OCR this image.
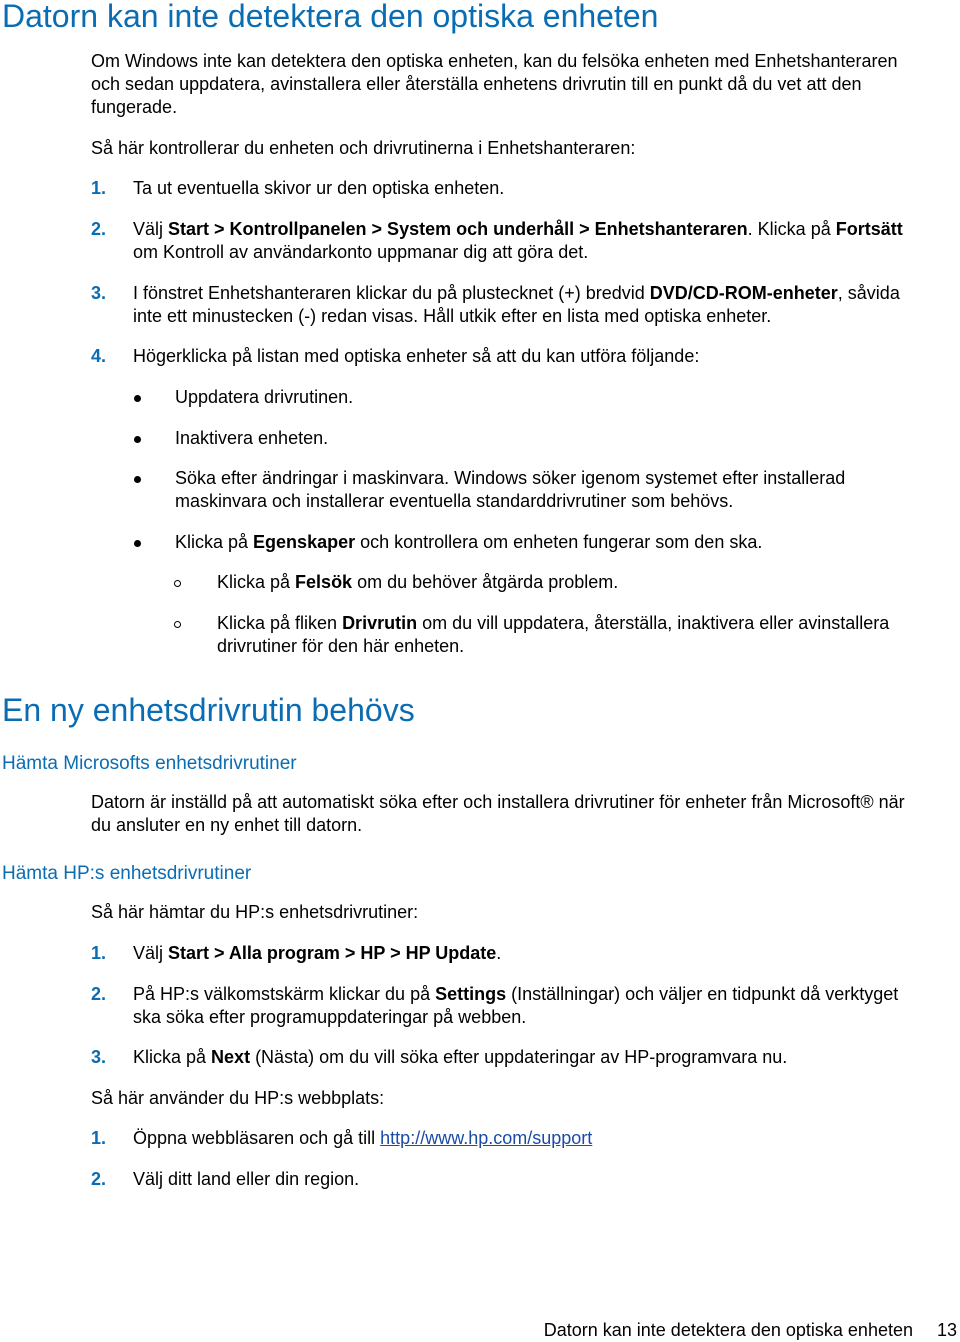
Datorn kan inte detektera den optiska enheten
Om Windows inte kan detektera den optiska enheten, kan du felsöka enheten med Enhetshanteraren
och sedan uppdatera, avinstallera eller återställa enhetens drivrutin till en punkt då du vet att den
fungerade.
Så här kontrollerar du enheten och drivrutinerna i Enhetshanteraren:
1. Ta ut eventuella skivor ur den optiska enheten.
2. Välj Start > Kontrollpanelen > System och underhåll > Enhetshanteraren. Klicka på Fortsätt
om Kontroll av användarkonto uppmanar dig att göra det.
3. I fönstret Enhetshanteraren klickar du på plustecknet (+) bredvid DVD/CD-ROM-enheter, såvida
inte ett minustecken (-) redan visas. Håll utkik efter en lista med optiska enheter.
4. Högerklicka på listan med optiska enheter så att du kan utföra följande:
Uppdatera drivrutinen.
Inaktivera enheten.
Söka efter ändringar i maskinvara. Windows söker igenom systemet efter installerad
maskinvara och installerar eventuella standarddrivrutiner som behövs.
Klicka på Egenskaper och kontrollera om enheten fungerar som den ska.
Klicka på Felsök om du behöver åtgärda problem.
Klicka på fliken Drivrutin om du vill uppdatera, återställa, inaktivera eller avinstallera
drivrutiner för den här enheten.
En ny enhetsdrivrutin behövs
Hämta Microsofts enhetsdrivrutiner
Datorn är inställd på att automatiskt söka efter och installera drivrutiner för enheter från Microsoft® när
du ansluter en ny enhet till datorn.
Hämta HP:s enhetsdrivrutiner
Så här hämtar du HP:s enhetsdrivrutiner:
1. Välj Start > Alla program > HP > HP Update.
2. På HP:s välkomstskärm klickar du på Settings (Inställningar) och väljer en tidpunkt då verktyget
ska söka efter programuppdateringar på webben.
3. Klicka på Next (Nästa) om du vill söka efter uppdateringar av HP-programvara nu.
Så här använder du HP:s webbplats:
1. Öppna webbläsaren och gå till http://www.hp.com/support
2. Välj ditt land eller din region.
Datorn kan inte detektera den optiska enheten 13
